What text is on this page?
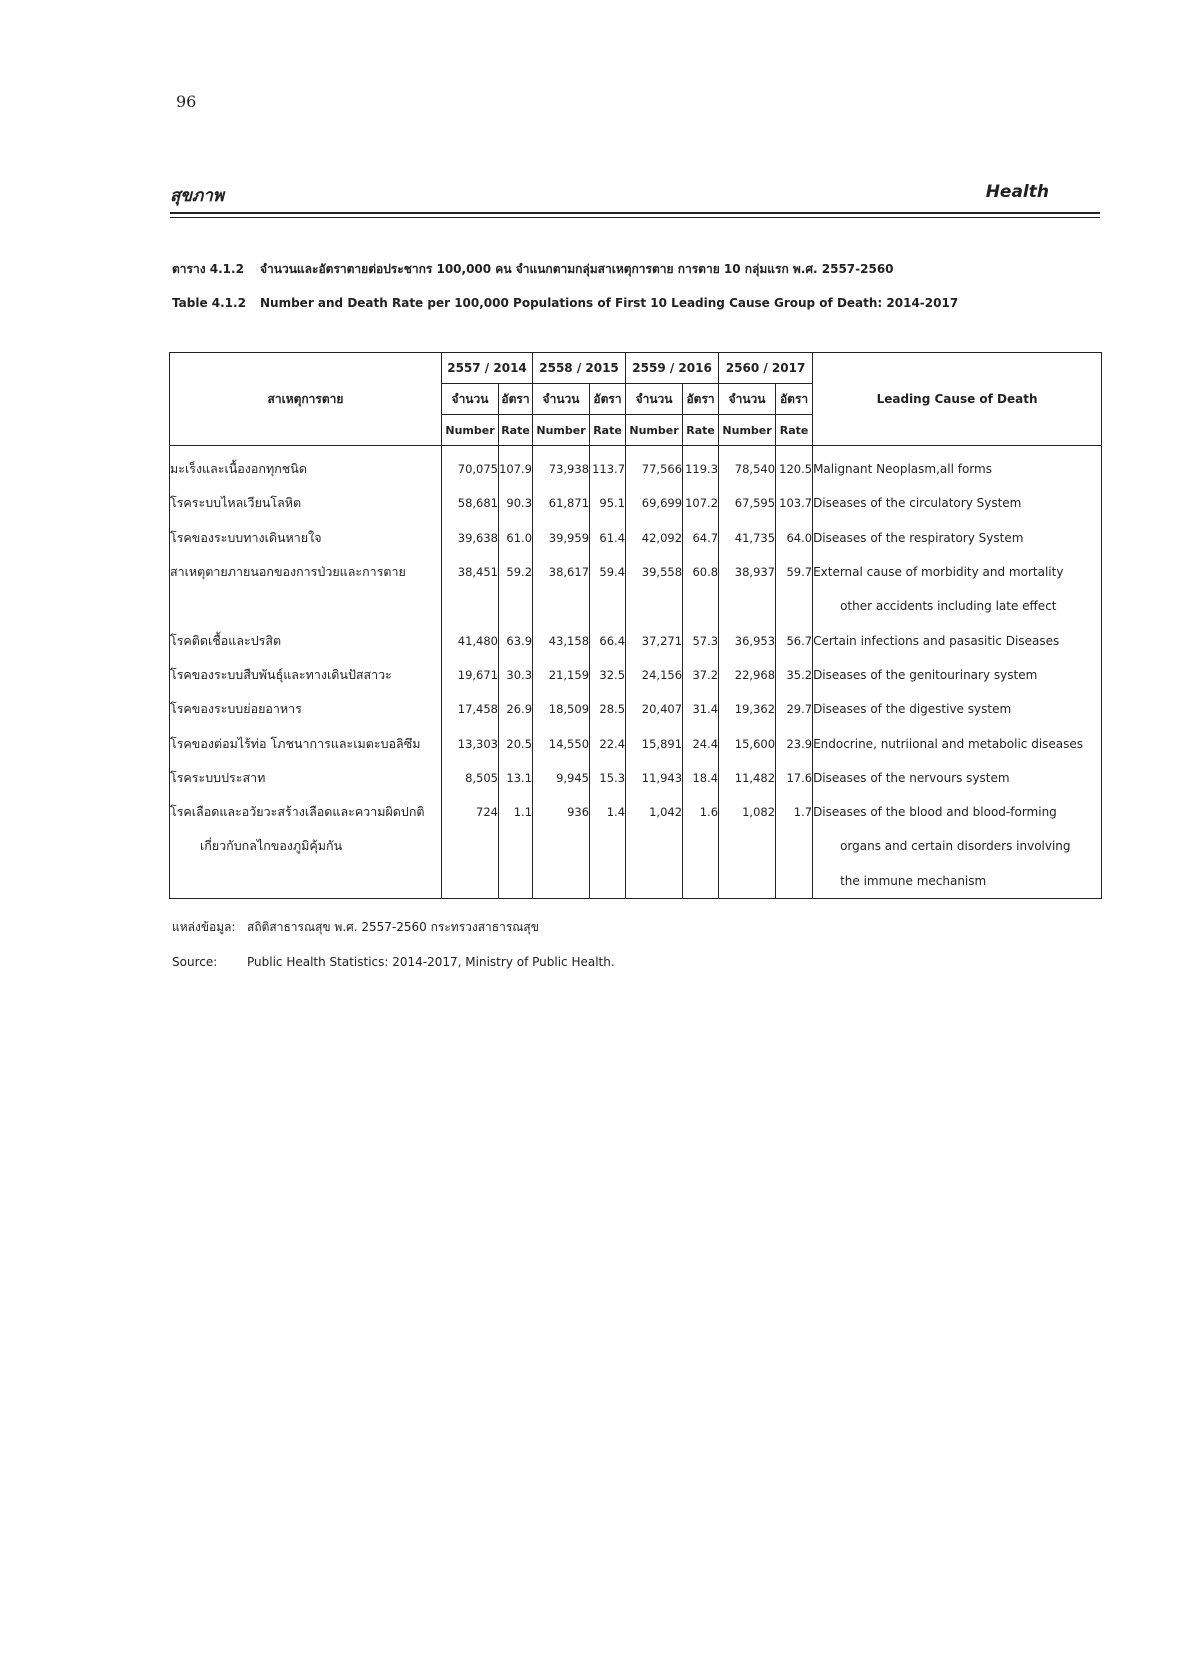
96
สุขภาพ	Health
ตาราง 4.1.2 จำนวนและอัตราตายต่อประชากร 100,000 คน จำแนกตามกลุ่มสาเหตุการตาย การตาย 10 กลุ่มแรก พ.ศ. 2557-2560
Table 4.1.2 Number and Death Rate per 100,000 Populations of First 10 Leading Cause Group of Death: 2014-2017
สาเหตุการตาย	2557 / 2014		2558 / 2015		2559 / 2016		2560 / 2017		Leading Cause of Death
	จำนวน	อัตรา	จำนวน	อัตรา	จำนวน	อัตรา	จำนวน	อัตรา	
	Number	Rate	Number	Rate	Number	Rate	Number	Rate	
มะเร็งและเนื้องอกทุกชนิด	70,075	107.9	73,938	113.7	77,566	119.3	78,540	120.5	Malignant Neoplasm,all forms
โรคระบบไหลเวียนโลหิต	58,681	90.3	61,871	95.1	69,699	107.2	67,595	103.7	Diseases of the circulatory System
โรคของระบบทางเดินหายใจ	39,638	61.0	39,959	61.4	42,092	64.7	41,735	64.0	Diseases of the respiratory System
สาเหตุตายภายนอกของการป่วยและการตาย	38,451	59.2	38,617	59.4	39,558	60.8	38,937	59.7	External cause of morbidity and mortality
									other accidents including late effect
โรคติดเชื้อและปรสิต	41,480	63.9	43,158	66.4	37,271	57.3	36,953	56.7	Certain infections and pasasitic Diseases
โรคของระบบสืบพันธุ์และทางเดินปัสสาวะ	19,671	30.3	21,159	32.5	24,156	37.2	22,968	35.2	Diseases of the genitourinary system
โรคของระบบย่อยอาหาร	17,458	26.9	18,509	28.5	20,407	31.4	19,362	29.7	Diseases of the digestive system
โรคของต่อมไร้ท่อ โภชนาการและเมตะบอลิซึม	13,303	20.5	14,550	22.4	15,891	24.4	15,600	23.9	Endocrine, nutriional and metabolic diseases
โรคระบบประสาท	8,505	13.1	9,945	15.3	11,943	18.4	11,482	17.6	Diseases of the nervours system
โรคเลือดและอวัยวะสร้างเลือดและความผิดปกติ	724	1.1	936	1.4	1,042	1.6	1,082	1.7	Diseases of the blood and blood-forming
เกี่ยวกับกลไกของภูมิคุ้มกัน									organs and certain disorders involving
									the immune mechanism
แหล่งข้อมูล: สถิติสาธารณสุข พ.ศ. 2557-2560 กระทรวงสาธารณสุข
Source: Public Health Statistics: 2014-2017, Ministry of Public Health.
